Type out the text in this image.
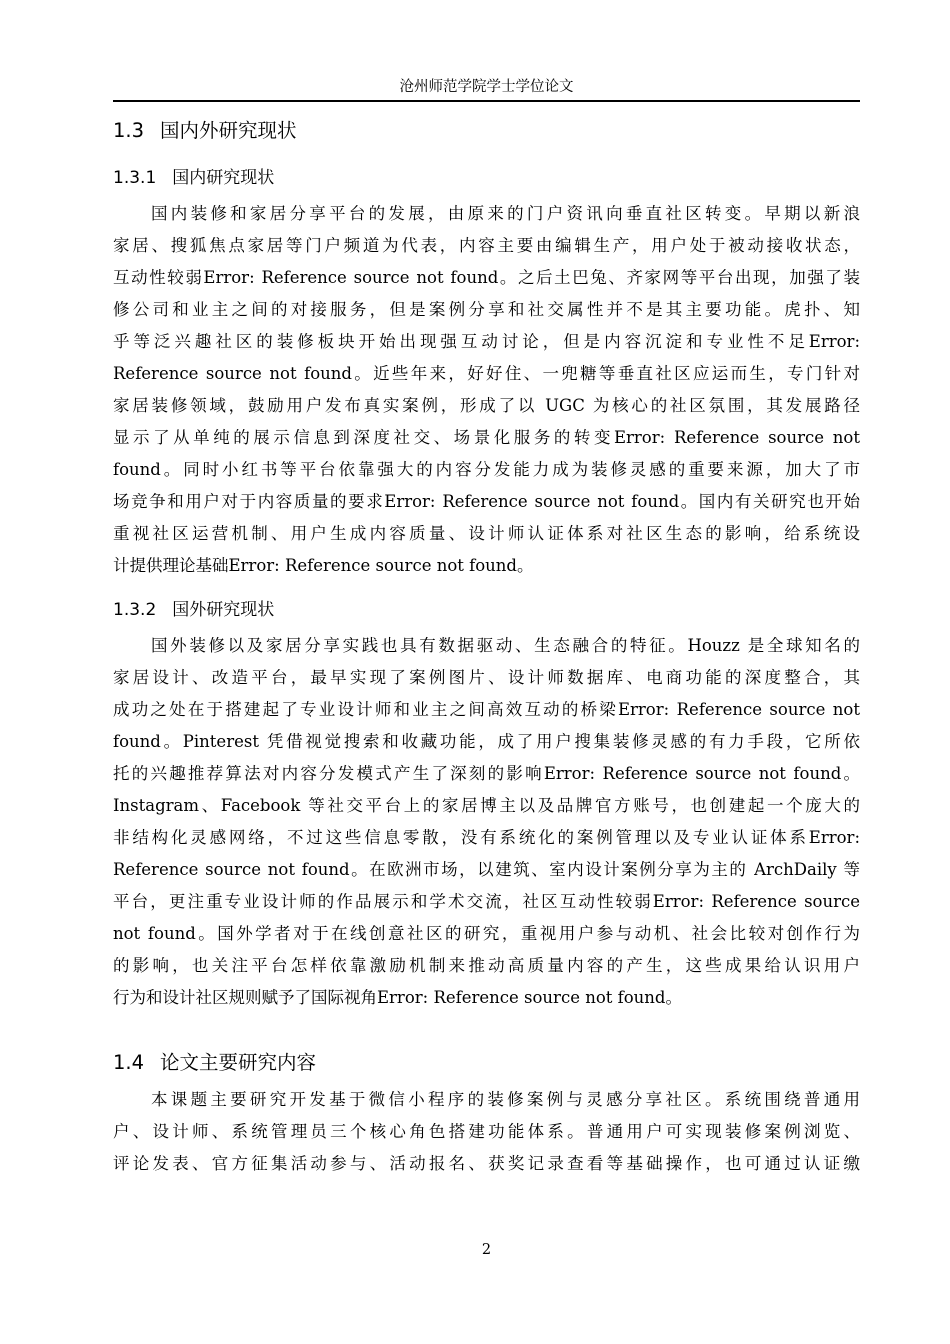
沧州师范学院学士学位论文
1.3 国内外研究现状
1.3.1 国内研究现状
国内装修和家居分享平台的发展，由原来的门户资讯向垂直社区转变。早期以新浪
家居、搜狐焦点家居等门户频道为代表，内容主要由编辑生产，用户处于被动接收状态，
互动性较弱Error: Reference source not found。之后土巴兔、齐家网等平台出现，加强了装
修公司和业主之间的对接服务，但是案例分享和社交属性并不是其主要功能。虎扑、知
乎等泛兴趣社区的装修板块开始出现强互动讨论，但是内容沉淀和专业性不足Error:
Reference source not found。近些年来，好好住、一兜糖等垂直社区应运而生，专门针对
家居装修领域，鼓励用户发布真实案例，形成了以 UGC 为核心的社区氛围，其发展路径
显示了从单纯的展示信息到深度社交、场景化服务的转变Error: Reference source not
found。同时小红书等平台依靠强大的内容分发能力成为装修灵感的重要来源，加大了市
场竞争和用户对于内容质量的要求Error: Reference source not found。国内有关研究也开始
重视社区运营机制、用户生成内容质量、设计师认证体系对社区生态的影响，给系统设
计提供理论基础Error: Reference source not found。
1.3.2 国外研究现状
国外装修以及家居分享实践也具有数据驱动、生态融合的特征。Houzz 是全球知名的
家居设计、改造平台，最早实现了案例图片、设计师数据库、电商功能的深度整合，其
成功之处在于搭建起了专业设计师和业主之间高效互动的桥梁Error: Reference source not
found。Pinterest 凭借视觉搜索和收藏功能，成了用户搜集装修灵感的有力手段，它所依
托的兴趣推荐算法对内容分发模式产生了深刻的影响Error: Reference source not found。
Instagram、Facebook 等社交平台上的家居博主以及品牌官方账号，也创建起一个庞大的
非结构化灵感网络，不过这些信息零散，没有系统化的案例管理以及专业认证体系Error:
Reference source not found。在欧洲市场，以建筑、室内设计案例分享为主的 ArchDaily 等
平台，更注重专业设计师的作品展示和学术交流，社区互动性较弱Error: Reference source
not found。国外学者对于在线创意社区的研究，重视用户参与动机、社会比较对创作行为
的影响，也关注平台怎样依靠激励机制来推动高质量内容的产生，这些成果给认识用户
行为和设计社区规则赋予了国际视角Error: Reference source not found。
1.4 论文主要研究内容
本课题主要研究开发基于微信小程序的装修案例与灵感分享社区。系统围绕普通用
户、设计师、系统管理员三个核心角色搭建功能体系。普通用户可实现装修案例浏览、
评论发表、官方征集活动参与、活动报名、获奖记录查看等基础操作，也可通过认证缴
2
